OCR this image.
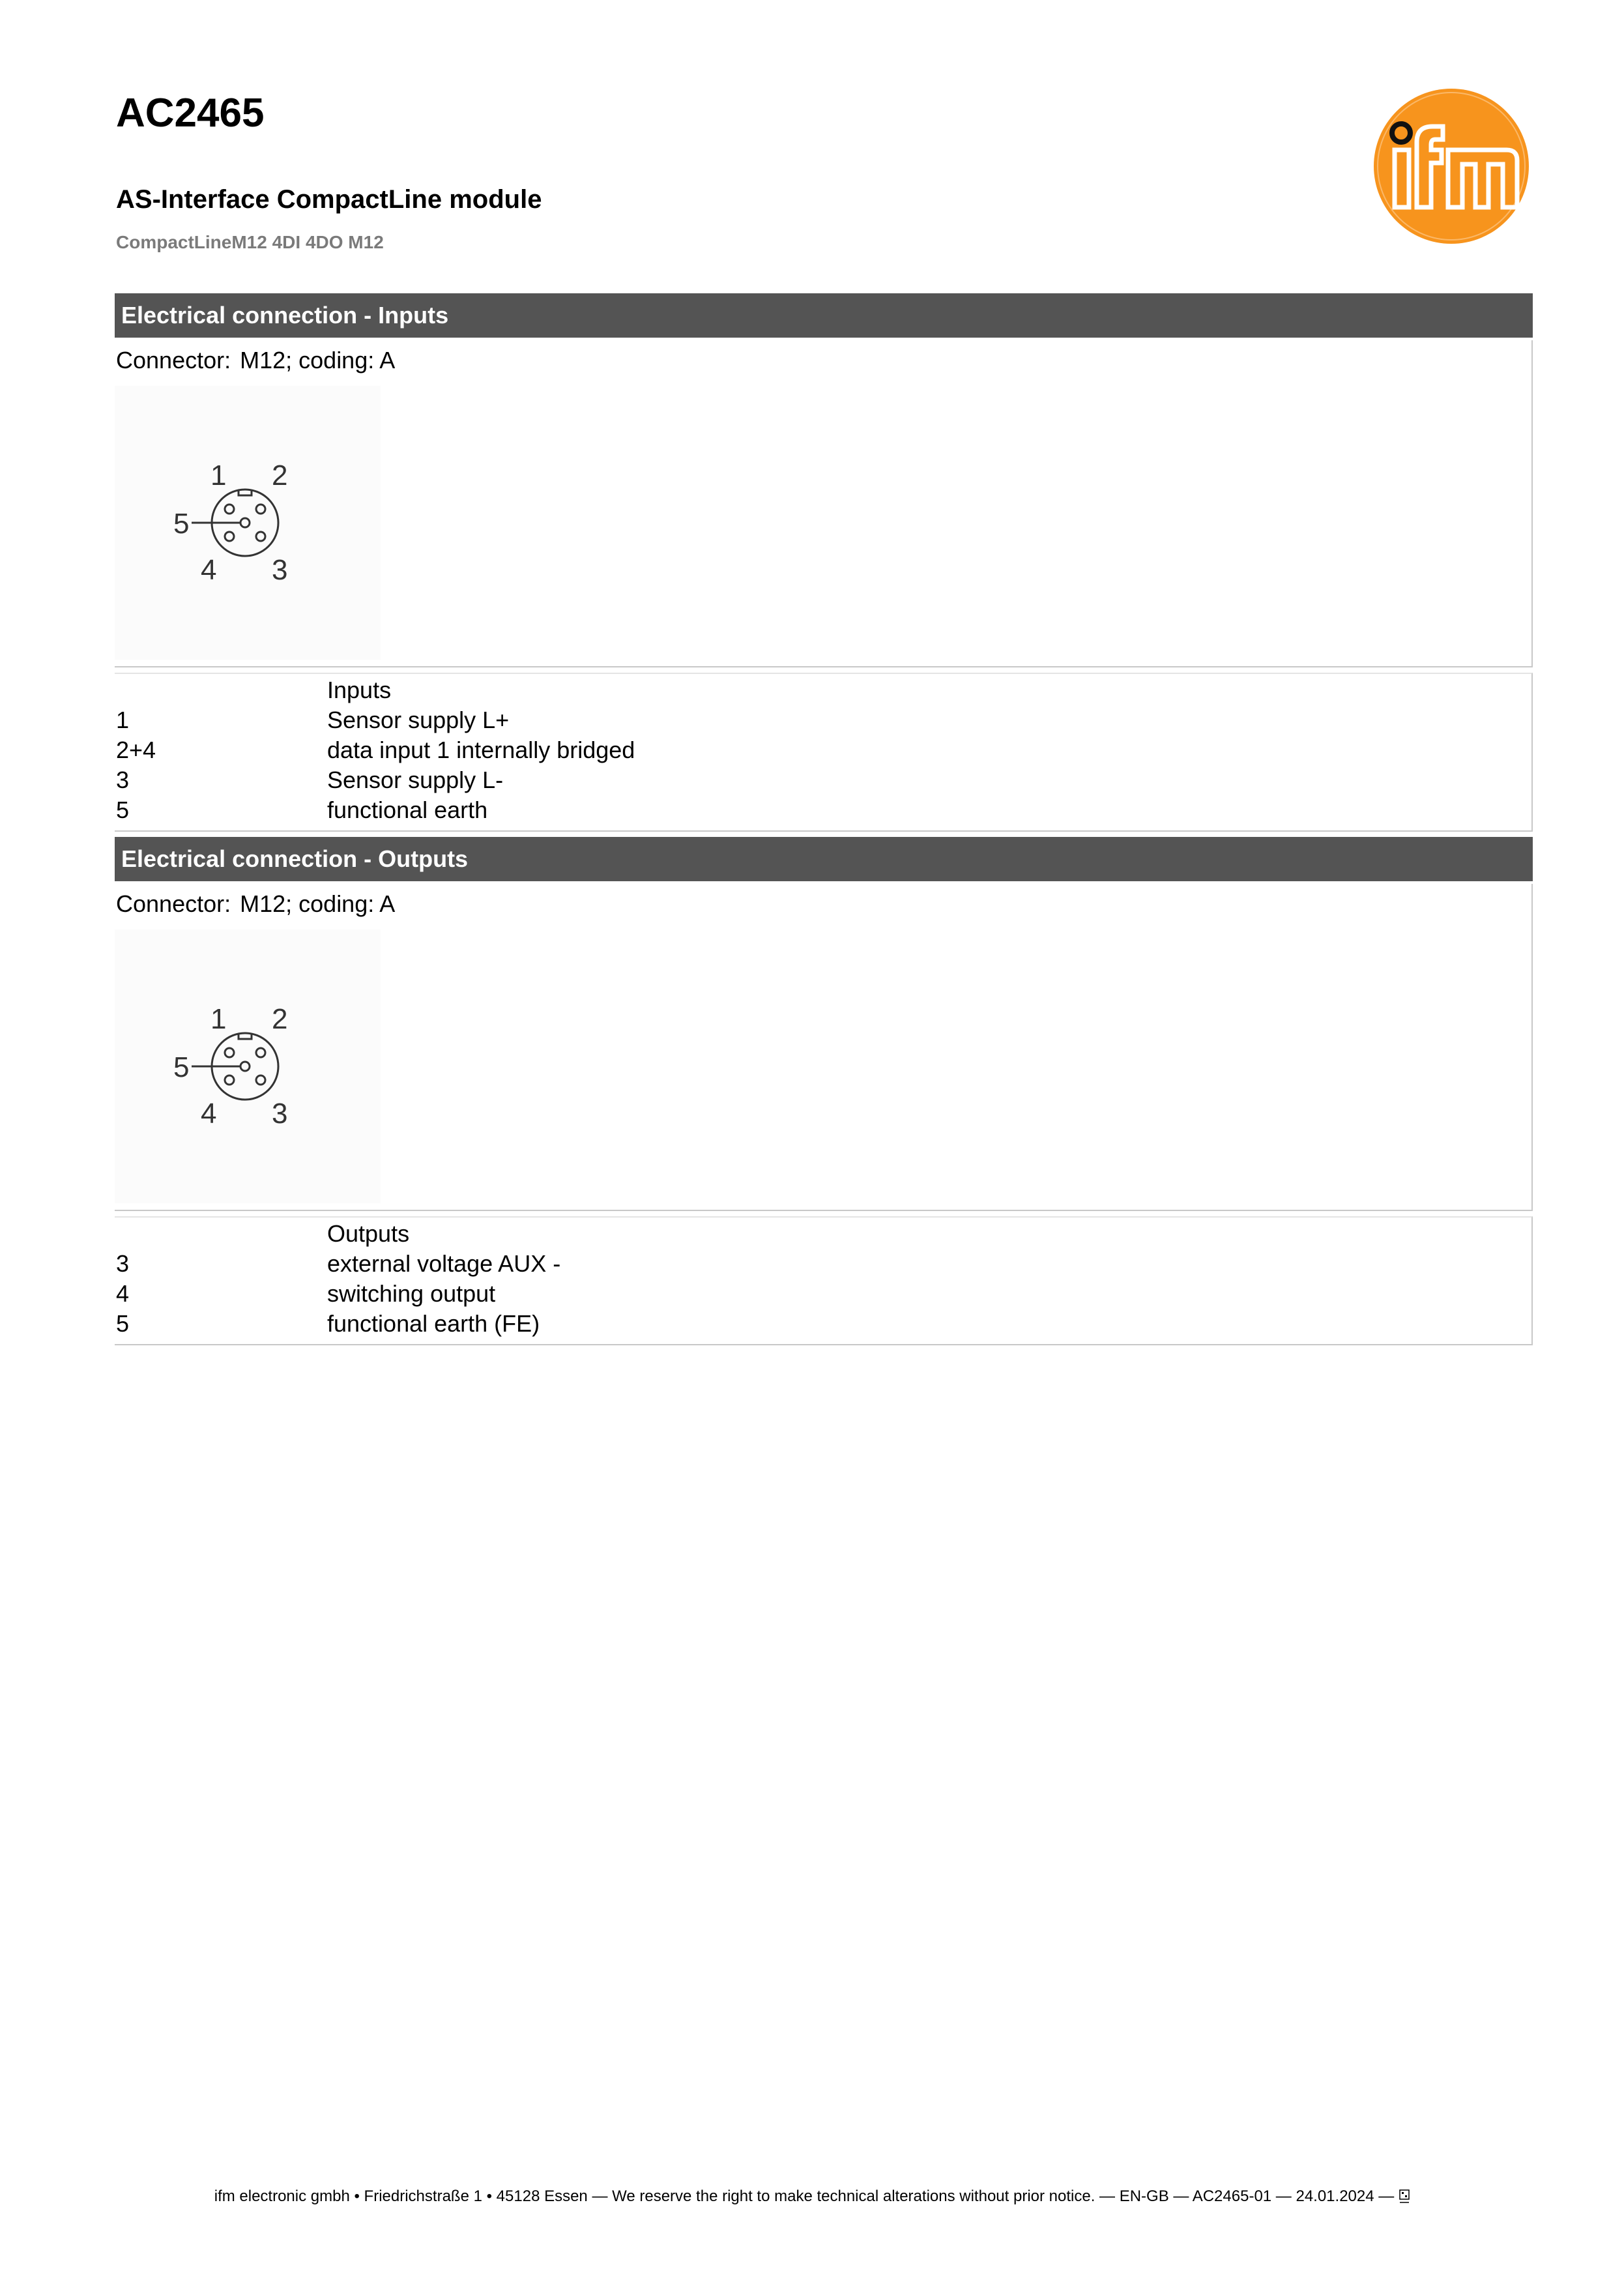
AC2465
AS-Interface CompactLine module
CompactLineM12 4DI 4DO M12
Electrical connection - Inputs

Connector: M12; coding: A

1 2
3
4
5
Inputs
1	Sensor supply L+
2+4	data input 1 internally bridged
3	Sensor supply L-
5	functional earth
Electrical connection - Outputs

Connector: M12; coding: A

1 2
3
4
5
Outputs
3	external voltage AUX -
4	switching output
5	functional earth (FE)
ifm electronic gmbh • Friedrichstraße 1 • 45128 Essen — We reserve the right to make technical alterations without prior notice. — EN-GB — AC2465-01 — 24.01.2024 —
